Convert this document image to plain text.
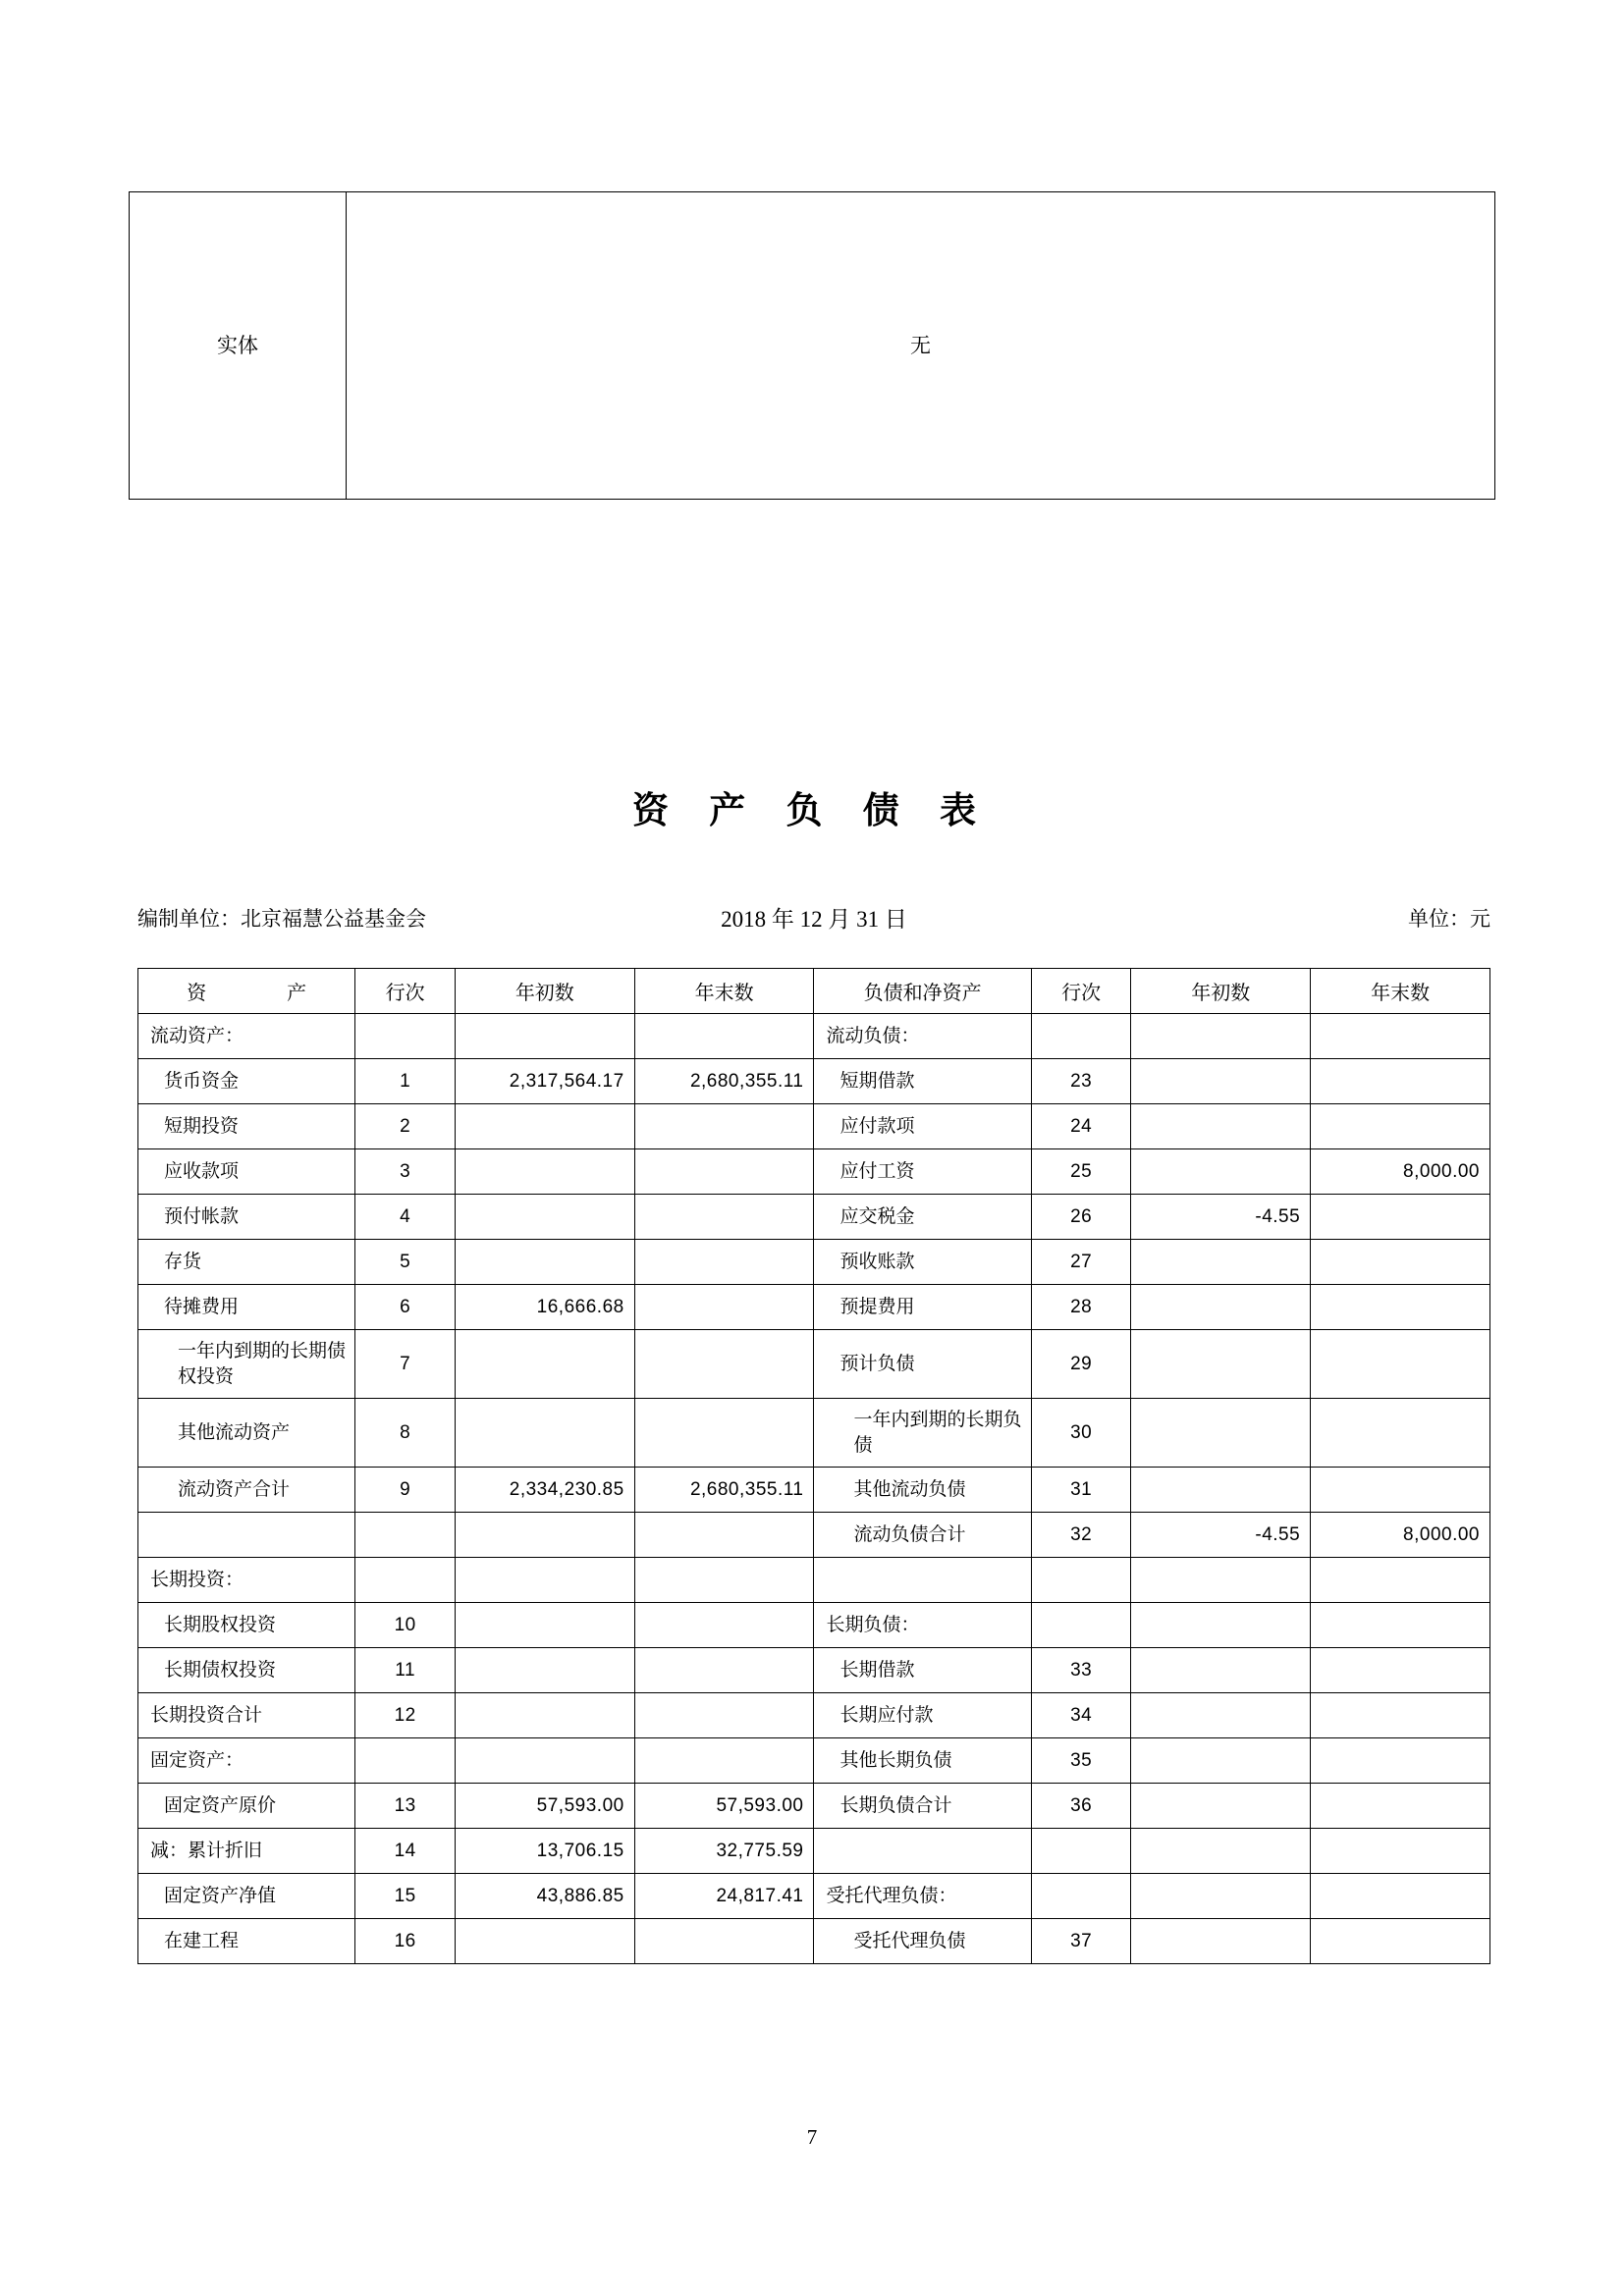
实体	无
资 产 负 债 表
编制单位：北京福慧公益基金会	2018 年 12 月 31 日	单位：元
资　　产	行次	年初数	年末数	负债和净资产	行次	年初数	年末数
流动资产：				流动负债：			
货币资金	1	2,317,564.17	2,680,355.11	短期借款	23		
短期投资	2			应付款项	24		
应收款项	3			应付工资	25		8,000.00
预付帐款	4			应交税金	26	-4.55	
存货	5			预收账款	27		
待摊费用	6	16,666.68		预提费用	28		
一年内到期的长期债权投资	7			预计负债	29		
其他流动资产	8			一年内到期的长期负债	30		
流动资产合计	9	2,334,230.85	2,680,355.11	其他流动负债	31		
				流动负债合计	32	-4.55	8,000.00
长期投资：							
长期股权投资	10			长期负债：			
长期债权投资	11			长期借款	33		
长期投资合计	12			长期应付款	34		
固定资产：				其他长期负债	35		
固定资产原价	13	57,593.00	57,593.00	长期负债合计	36		
减：累计折旧	14	13,706.15	32,775.59				
固定资产净值	15	43,886.85	24,817.41	受托代理负债：			
在建工程	16			受托代理负债	37		
7
